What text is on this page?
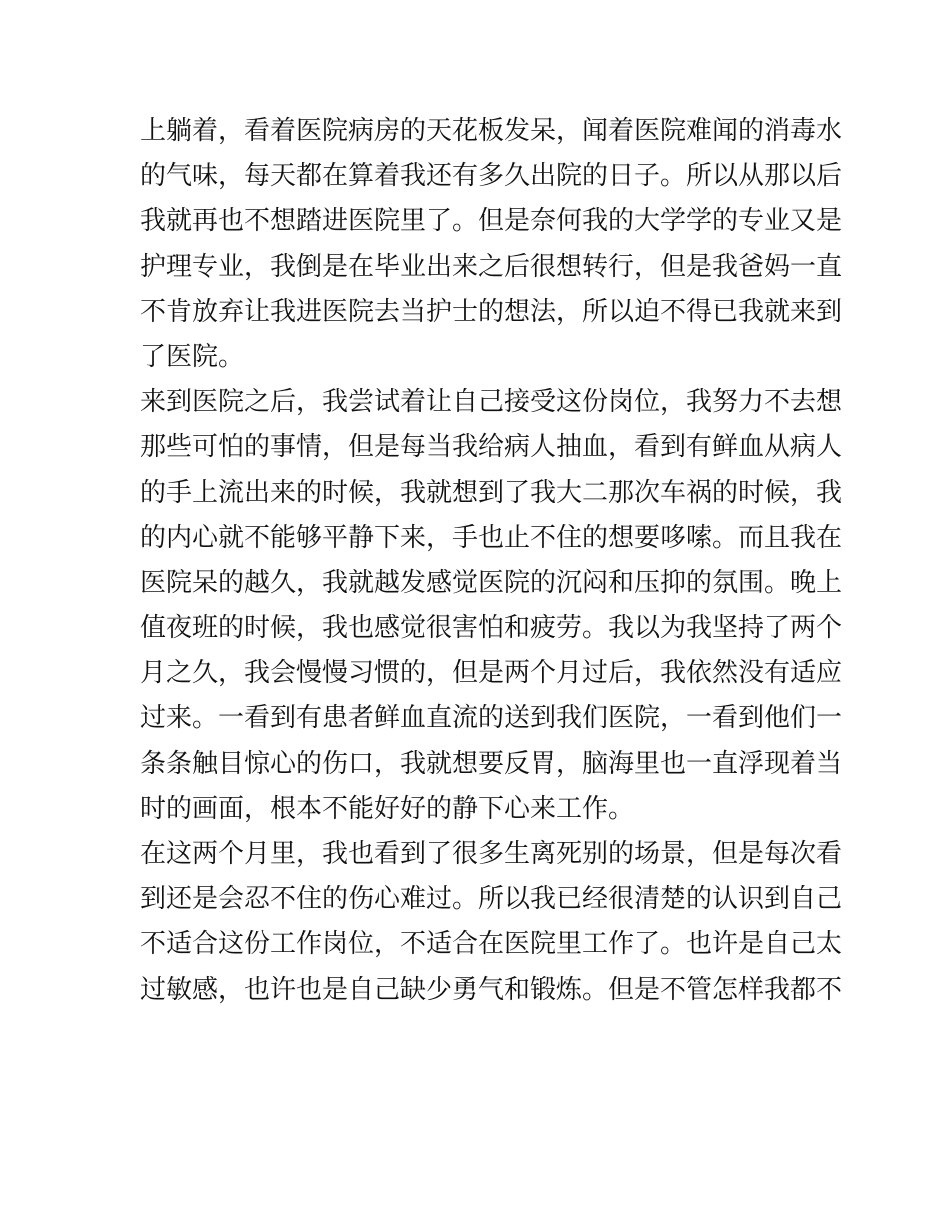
上躺着，看着医院病房的天花板发呆，闻着医院难闻的消毒水
的气味，每天都在算着我还有多久出院的日子。所以从那以后
我就再也不想踏进医院里了。但是奈何我的大学学的专业又是
护理专业，我倒是在毕业出来之后很想转行，但是我爸妈一直
不肯放弃让我进医院去当护士的想法，所以迫不得已我就来到
了医院。
来到医院之后，我尝试着让自己接受这份岗位，我努力不去想
那些可怕的事情，但是每当我给病人抽血，看到有鲜血从病人
的手上流出来的时候，我就想到了我大二那次车祸的时候，我
的内心就不能够平静下来，手也止不住的想要哆嗦。而且我在
医院呆的越久，我就越发感觉医院的沉闷和压抑的氛围。晚上
值夜班的时候，我也感觉很害怕和疲劳。我以为我坚持了两个
月之久，我会慢慢习惯的，但是两个月过后，我依然没有适应
过来。一看到有患者鲜血直流的送到我们医院，一看到他们一
条条触目惊心的伤口，我就想要反胃，脑海里也一直浮现着当
时的画面，根本不能好好的静下心来工作。
在这两个月里，我也看到了很多生离死别的场景，但是每次看
到还是会忍不住的伤心难过。所以我已经很清楚的认识到自己
不适合这份工作岗位，不适合在医院里工作了。也许是自己太
过敏感，也许也是自己缺少勇气和锻炼。但是不管怎样我都不
